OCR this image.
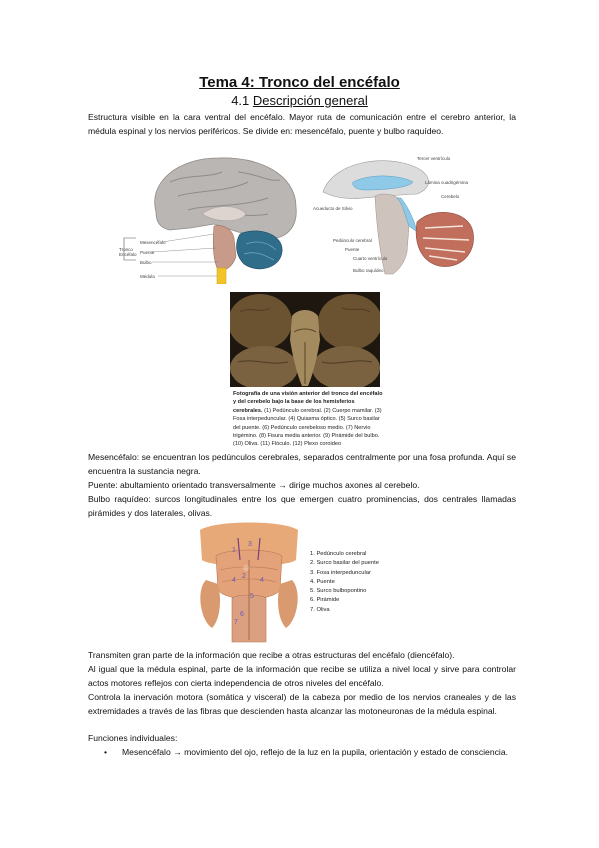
Tema 4: Tronco del encéfalo
4.1 Descripción general
Estructura visible en la cara ventral del encéfalo. Mayor ruta de comunicación entre el cerebro anterior, la médula espinal y los nervios periféricos. Se divide en: mesencéfalo, puente y bulbo raquídeo.
Tronco
Encéfalo
Mesencéfalo
Puente
Bulbo
Médula
Tercer ventrículo
Lámina cuadrigémina
Cerebelo
Acueducto de Silvio
Pedúnculo cerebral
Puente
Cuarto ventrículo
Bulbo raquídeo
Fotografía de una visión anterior del tronco del encéfalo y del cerebelo bajo la base de los hemisferios cerebrales. (1) Pedúnculo cerebral. (2) Cuerpo mamilar. (3) Fosa interpeduncular. (4) Quiasma óptico. (5) Surco basilar del puente. (6) Pedúnculo cerebeloso medio. (7) Nervio trigémino. (8) Fisura media anterior. (9) Pirámide del bulbo. (10) Oliva. (11) Flóculo. (12) Plexo coroideo
Mesencéfalo: se encuentran los pedúnculos cerebrales, separados centralmente por una fosa profunda. Aquí se encuentra la sustancia negra.
Puente: abultamiento orientado transversalmente → dirige muchos axones al cerebelo.
Bulbo raquídeo: surcos longitudinales entre los que emergen cuatro prominencias, dos centrales llamadas pirámides y dos laterales, olivas.
1
2
3
4	4
5
6
7
1. Pedúnculo cerebral
2. Surco basilar del puente
3. Fosa interpeduncular
4. Puente
5. Surco bulbopontino
6. Pirámide
7. Oliva
Transmiten gran parte de la información que recibe a otras estructuras del encéfalo (diencéfalo).
Al igual que la médula espinal, parte de la información que recibe se utiliza a nivel local y sirve para controlar actos motores reflejos con cierta independencia de otros niveles del encéfalo.
Controla la inervación motora (somática y visceral) de la cabeza por medio de los nervios craneales y de las extremidades a través de las fibras que descienden hasta alcanzar las motoneuronas de la médula espinal.
Funciones individuales:
• Mesencéfalo → movimiento del ojo, reflejo de la luz en la pupila, orientación y estado de consciencia.
